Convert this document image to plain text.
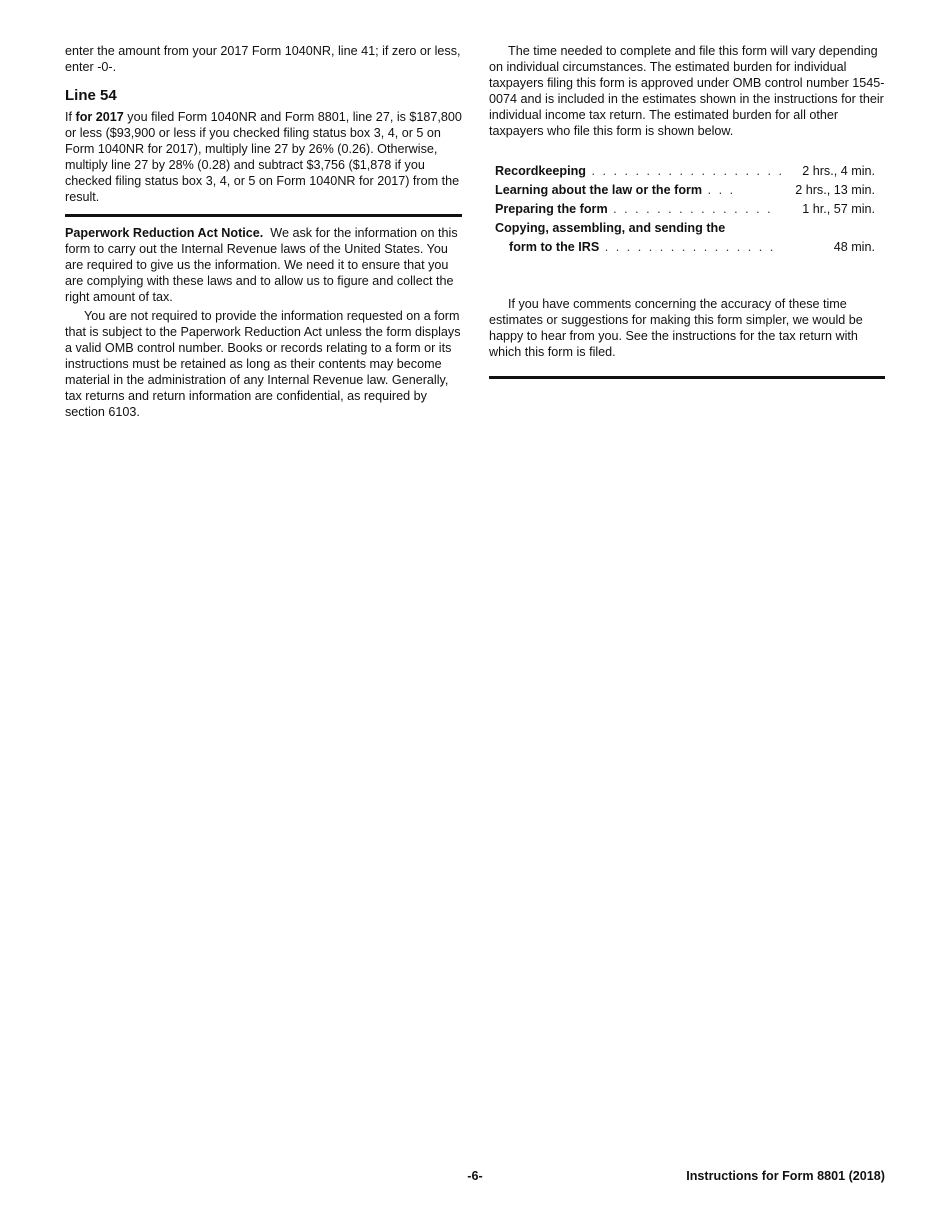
enter the amount from your 2017 Form 1040NR, line 41; if zero or less, enter -0-.

Line 54

If for 2017 you filed Form 1040NR and Form 8801, line 27, is $187,800 or less ($93,900 or less if you checked filing status box 3, 4, or 5 on Form 1040NR for 2017), multiply line 27 by 26% (0.26). Otherwise, multiply line 27 by 28% (0.28) and subtract $3,756 ($1,878 if you checked filing status box 3, 4, or 5 on Form 1040NR for 2017) from the result.

Paperwork Reduction Act Notice.  We ask for the information on this form to carry out the Internal Revenue laws of the United States. You are required to give us the information. We need it to ensure that you are complying with these laws and to allow us to figure and collect the right amount of tax.

You are not required to provide the information requested on a form that is subject to the Paperwork Reduction Act unless the form displays a valid OMB control number. Books or records relating to a form or its instructions must be retained as long as their contents may become material in the administration of any Internal Revenue law. Generally, tax returns and return information are confidential, as required by section 6103.

The time needed to complete and file this form will vary depending on individual circumstances. The estimated burden for individual taxpayers filing this form is approved under OMB control number 1545-0074 and is included in the estimates shown in the instructions for their individual income tax return. The estimated burden for all other taxpayers who file this form is shown below.

Recordkeeping . . . . . . . . . . . . . . . . . .	2 hrs., 4 min.
Learning about the law or the form . . .	2 hrs., 13 min.
Preparing the form . . . . . . . . . . . . . . .	1 hr., 57 min.
Copying, assembling, and sending the	
form to the IRS . . . . . . . . . . . . . . . .	48 min.

If you have comments concerning the accuracy of these time estimates or suggestions for making this form simpler, we would be happy to hear from you. See the instructions for the tax return with which this form is filed.

-6-	Instructions for Form 8801 (2018)
